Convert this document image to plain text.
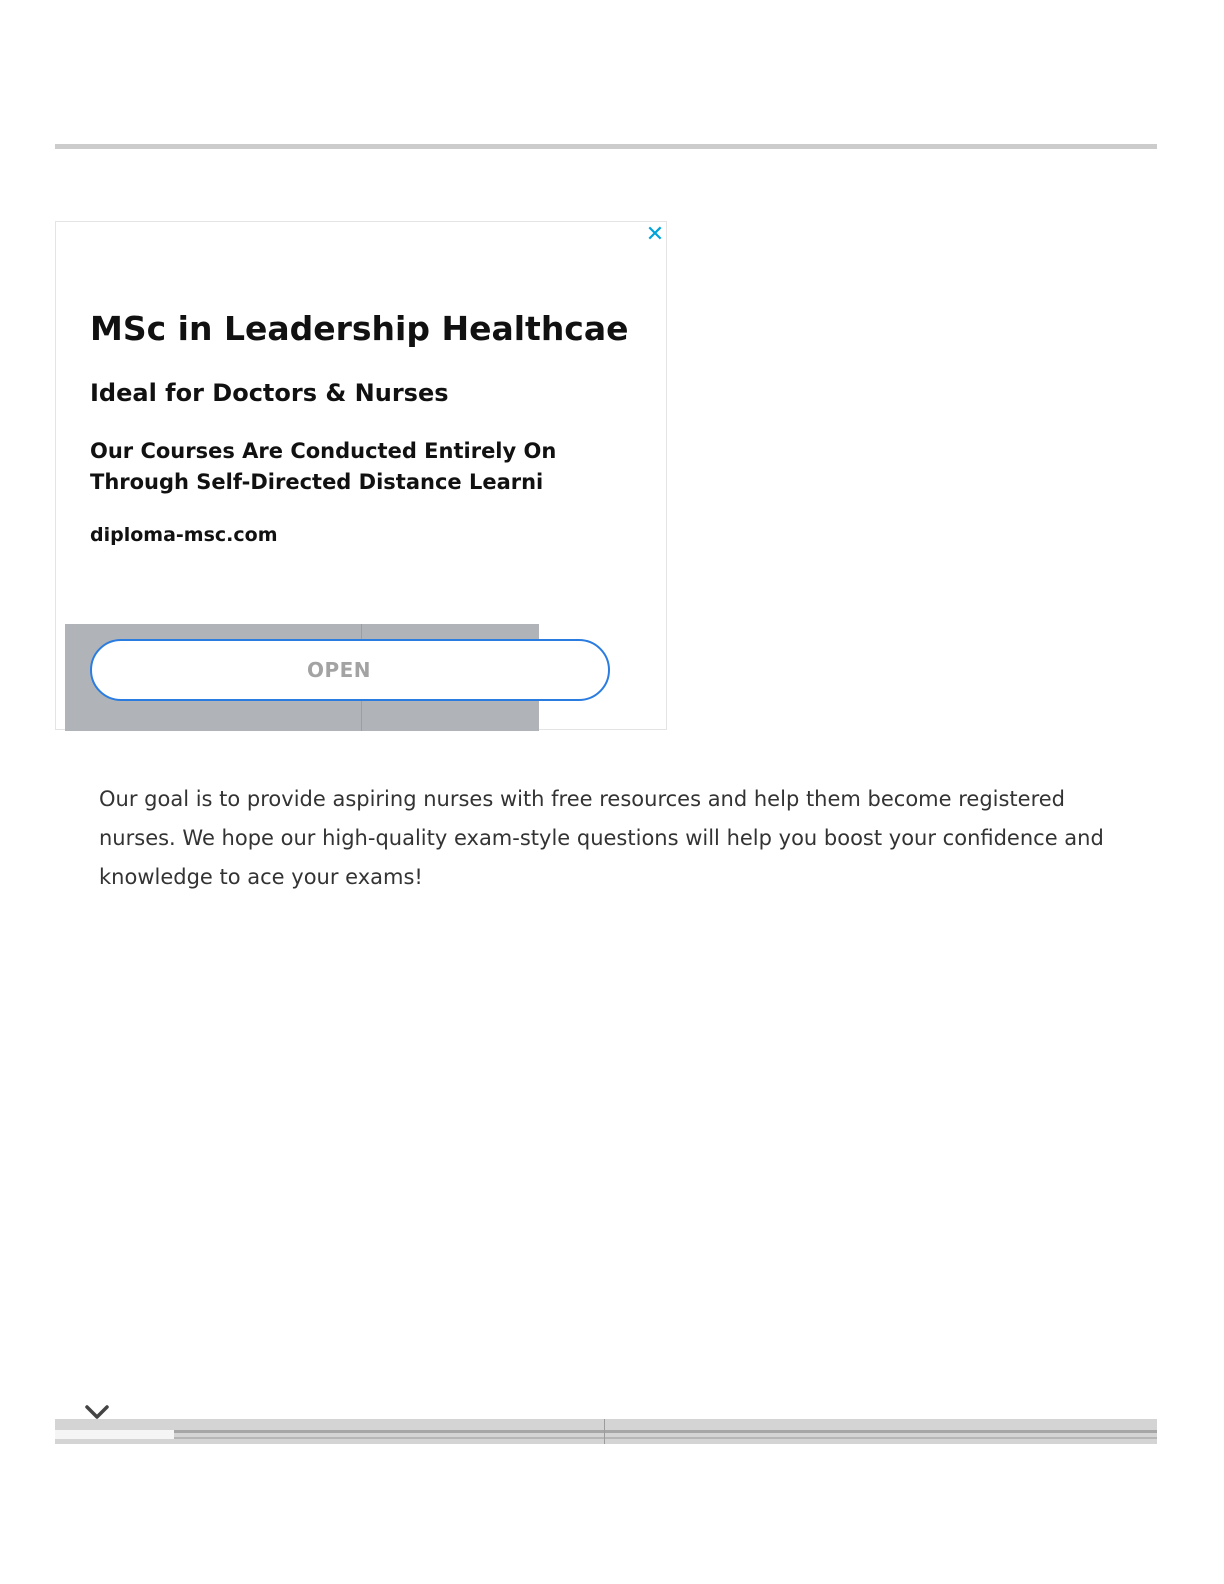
✕
MSc in Leadership Healthcae
Ideal for Doctors & Nurses
Our Courses Are Conducted Entirely On
Through Self-Directed Distance Learni
diploma-msc.com
OPEN
Our goal is to provide aspiring nurses with free resources and help them become registered nurses. We hope our high-quality exam-style questions will help you boost your confidence and knowledge to ace your exams!
